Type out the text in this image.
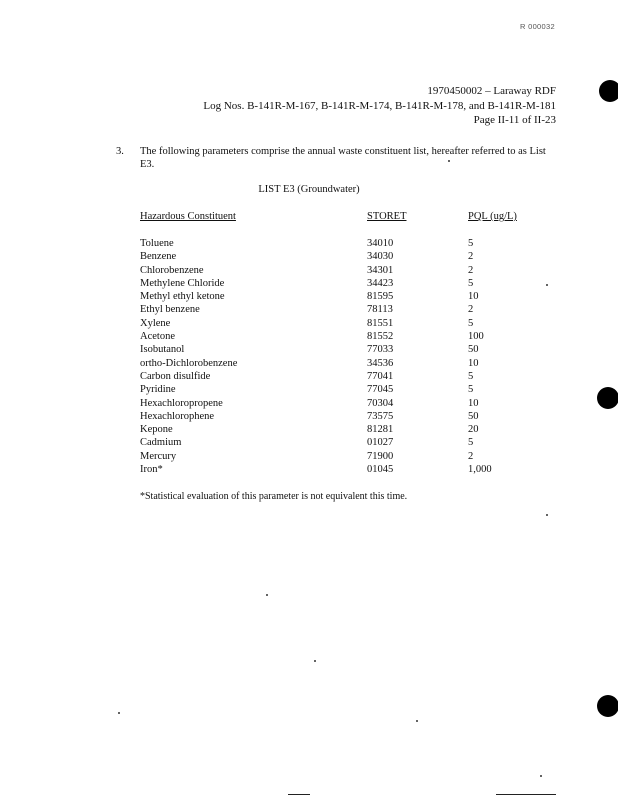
R 000032
1970450002 – Laraway RDF
Log Nos. B-141R-M-167, B-141R-M-174, B-141R-M-178, and B-141R-M-181
Page II-11 of II-23
3. The following parameters comprise the annual waste constituent list, hereafter referred to as List E3.
LIST E3 (Groundwater)
Hazardous Constituent	STORET	PQL (ug/L)
Toluene	34010	5
Benzene	34030	2
Chlorobenzene	34301	2
Methylene Chloride	34423	5
Methyl ethyl ketone	81595	10
Ethyl benzene	78113	2
Xylene	81551	5
Acetone	81552	100
Isobutanol	77033	50
ortho-Dichlorobenzene	34536	10
Carbon disulfide	77041	5
Pyridine	77045	5
Hexachloropropene	70304	10
Hexachlorophene	73575	50
Kepone	81281	20
Cadmium	01027	5
Mercury	71900	2
Iron*	01045	1,000
*Statistical evaluation of this parameter is not equivalent this time.
